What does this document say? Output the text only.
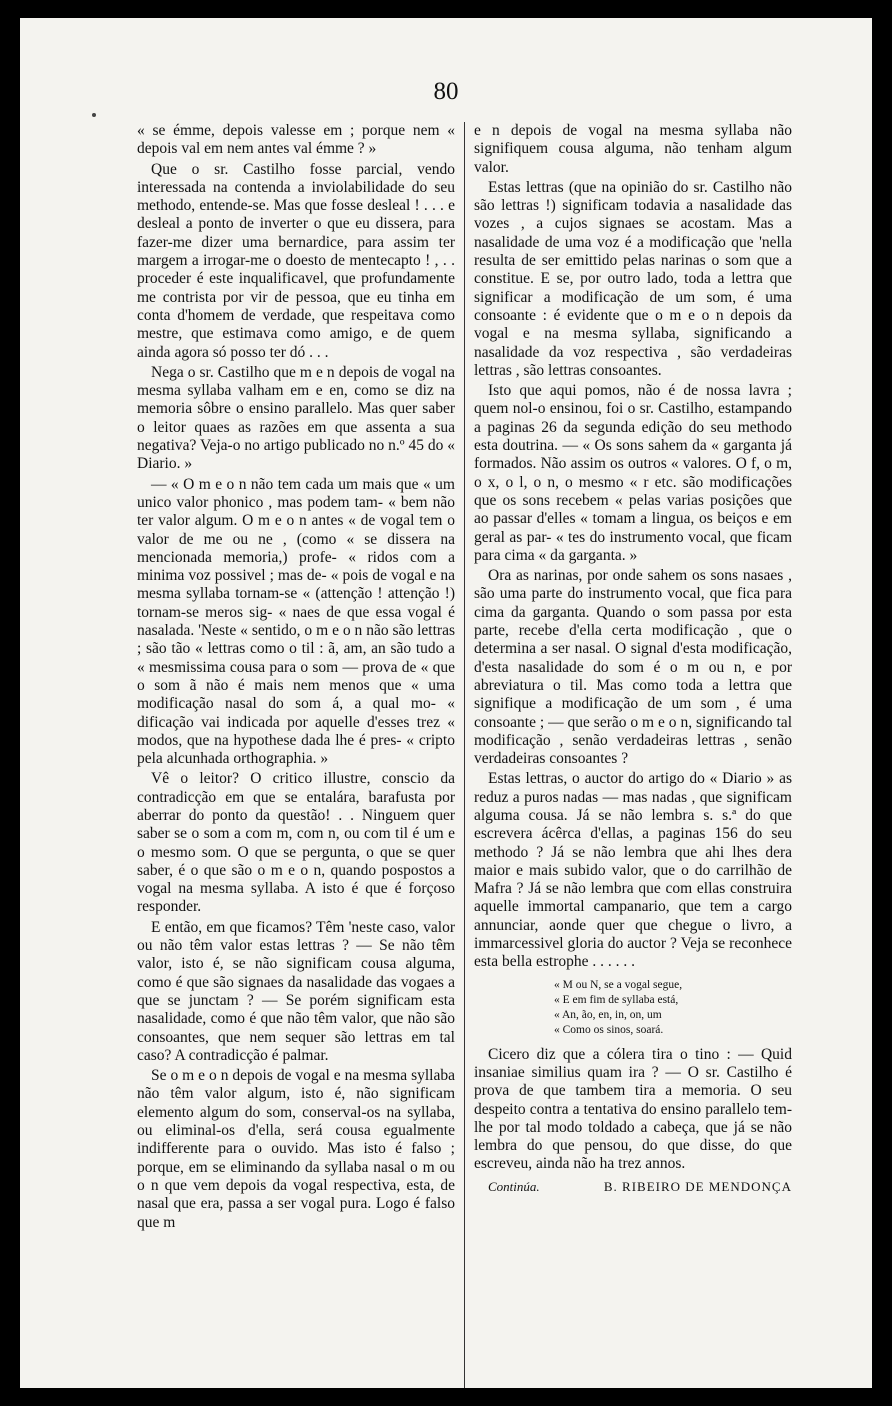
80

« se émme, depois valesse em ; porque nem « depois val em nem antes val émme ? »

Que o sr. Castilho fosse parcial, vendo interessada na contenda a inviolabilidade do seu methodo, entende-se. Mas que fosse desleal ! . . . e desleal a ponto de inverter o que eu dissera, para fazer-me dizer uma bernardice, para assim ter margem a irrogar-me o doesto de mentecapto ! , . . proceder é este inqualificavel, que profundamente me contrista por vir de pessoa, que eu tinha em conta d'homem de verdade, que respeitava como mestre, que estimava como amigo, e de quem ainda agora só posso ter dó . . .

Nega o sr. Castilho que m e n depois de vogal na mesma syllaba valham em e en, como se diz na memoria sôbre o ensino parallelo. Mas quer saber o leitor quaes as razões em que assenta a sua negativa? Veja-o no artigo publicado no n.º 45 do « Diario. »

— « O m e o n não tem cada um mais que « um unico valor phonico , mas podem tam- « bem não ter valor algum. O m e o n antes « de vogal tem o valor de me ou ne , (como « se dissera na mencionada memoria,) profe- « ridos com a minima voz possivel ; mas de- « pois de vogal e na mesma syllaba tornam-se « (attenção ! attenção !) tornam-se meros sig- « naes de que essa vogal é nasalada. 'Neste « sentido, o m e o n não são lettras ; são tão « lettras como o til : ã, am, an são tudo a « mesmissima cousa para o som — prova de « que o som ã não é mais nem menos que « uma modificação nasal do som á, a qual mo- « dificação vai indicada por aquelle d'esses trez « modos, que na hypothese dada lhe é pres- « cripto pela alcunhada orthographia. »

Vê o leitor? O critico illustre, conscio da contradicção em que se entalára, barafusta por aberrar do ponto da questão! . . Ninguem quer saber se o som a com m, com n, ou com til é um e o mesmo som. O que se pergunta, o que se quer saber, é o que são o m e o n, quando pospostos a vogal na mesma syllaba. A isto é que é forçoso responder.

E então, em que ficamos? Têm 'neste caso, valor ou não têm valor estas lettras ? — Se não têm valor, isto é, se não significam cousa alguma, como é que são signaes da nasalidade das vogaes a que se junctam ? — Se porém significam esta nasalidade, como é que não têm valor, que não são consoantes, que nem sequer são lettras em tal caso? A contradicção é palmar.

Se o m e o n depois de vogal e na mesma syllaba não têm valor algum, isto é, não significam elemento algum do som, conserval-os na syllaba, ou eliminal-os d'ella, será cousa egualmente indifferente para o ouvido. Mas isto é falso ; porque, em se eliminando da syllaba nasal o m ou o n que vem depois da vogal respectiva, esta, de nasal que era, passa a ser vogal pura. Logo é falso que m

e n depois de vogal na mesma syllaba não signifiquem cousa alguma, não tenham algum valor.

Estas lettras (que na opinião do sr. Castilho não são lettras !) significam todavia a nasalidade das vozes , a cujos signaes se acostam. Mas a nasalidade de uma voz é a modificação que 'nella resulta de ser emittido pelas narinas o som que a constitue. E se, por outro lado, toda a lettra que significar a modificação de um som, é uma consoante : é evidente que o m e o n depois da vogal e na mesma syllaba, significando a nasalidade da voz respectiva , são verdadeiras lettras , são lettras consoantes.

Isto que aqui pomos, não é de nossa lavra ; quem nol-o ensinou, foi o sr. Castilho, estampando a paginas 26 da segunda edição do seu methodo esta doutrina. — « Os sons sahem da « garganta já formados. Não assim os outros « valores. O f, o m, o x, o l, o n, o mesmo « r etc. são modificações que os sons recebem « pelas varias posições que ao passar d'elles « tomam a lingua, os beiços e em geral as par- « tes do instrumento vocal, que ficam para cima « da garganta. »

Ora as narinas, por onde sahem os sons nasaes , são uma parte do instrumento vocal, que fica para cima da garganta. Quando o som passa por esta parte, recebe d'ella certa modificação , que o determina a ser nasal. O signal d'esta modificação, d'esta nasalidade do som é o m ou n, e por abreviatura o til. Mas como toda a lettra que signifique a modificação de um som , é uma consoante ; — que serão o m e o n, significando tal modificação , senão verdadeiras lettras , senão verdadeiras consoantes ?

Estas lettras, o auctor do artigo do « Diario » as reduz a puros nadas — mas nadas , que significam alguma cousa. Já se não lembra s. s.ª do que escrevera ácêrca d'ellas, a paginas 156 do seu methodo ? Já se não lembra que ahi lhes dera maior e mais subido valor, que o do carrilhão de Mafra ? Já se não lembra que com ellas construira aquelle immortal campanario, que tem a cargo annunciar, aonde quer que chegue o livro, a immarcessivel gloria do auctor ? Veja se reconhece esta bella estrophe . . . . . .

« M ou N, se a vogal segue,
« E em fim de syllaba está,
« An, ão, en, in, on, um
« Como os sinos, soará.

Cicero diz que a cólera tira o tino : — Quid insaniae similius quam ira ? — O sr. Castilho é prova de que tambem tira a memoria. O seu despeito contra a tentativa do ensino parallelo tem-lhe por tal modo toldado a cabeça, que já se não lembra do que pensou, do que disse, do que escreveu, ainda não ha trez annos.

Continúa.	B. RIBEIRO DE MENDONÇA
